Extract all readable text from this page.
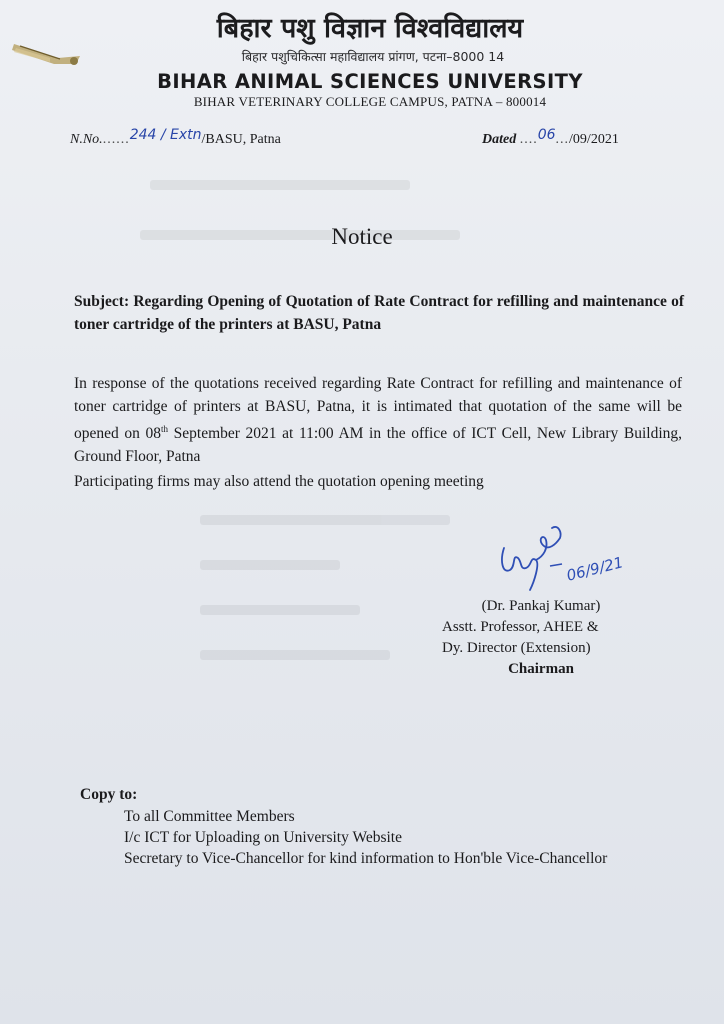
बिहार पशु विज्ञान विश्वविद्यालय
बिहार पशुचिकित्सा महाविद्यालय प्रांगण, पटना–8000 14
BIHAR ANIMAL SCIENCES UNIVERSITY
BIHAR VETERINARY COLLEGE CAMPUS, PATNA – 800014
N.No.......244 / Extn/BASU, Patna	Dated ....06.../09/2021
Notice
Subject: Regarding Opening of Quotation of Rate Contract for refilling and maintenance of toner cartridge of the printers at BASU, Patna
In response of the quotations received regarding Rate Contract for refilling and maintenance of toner cartridge of printers at BASU, Patna, it is intimated that quotation of the same will be opened on 08th September 2021 at 11:00 AM in the office of ICT Cell, New Library Building, Ground Floor, Patna
Participating firms may also attend the quotation opening meeting
06/9/21
(Dr. Pankaj Kumar)
Asstt. Professor, AHEE &
Dy. Director (Extension)
Chairman
Copy to:
To all Committee Members
I/c ICT for Uploading on University Website
Secretary to Vice-Chancellor for kind information to Hon'ble Vice-Chancellor
